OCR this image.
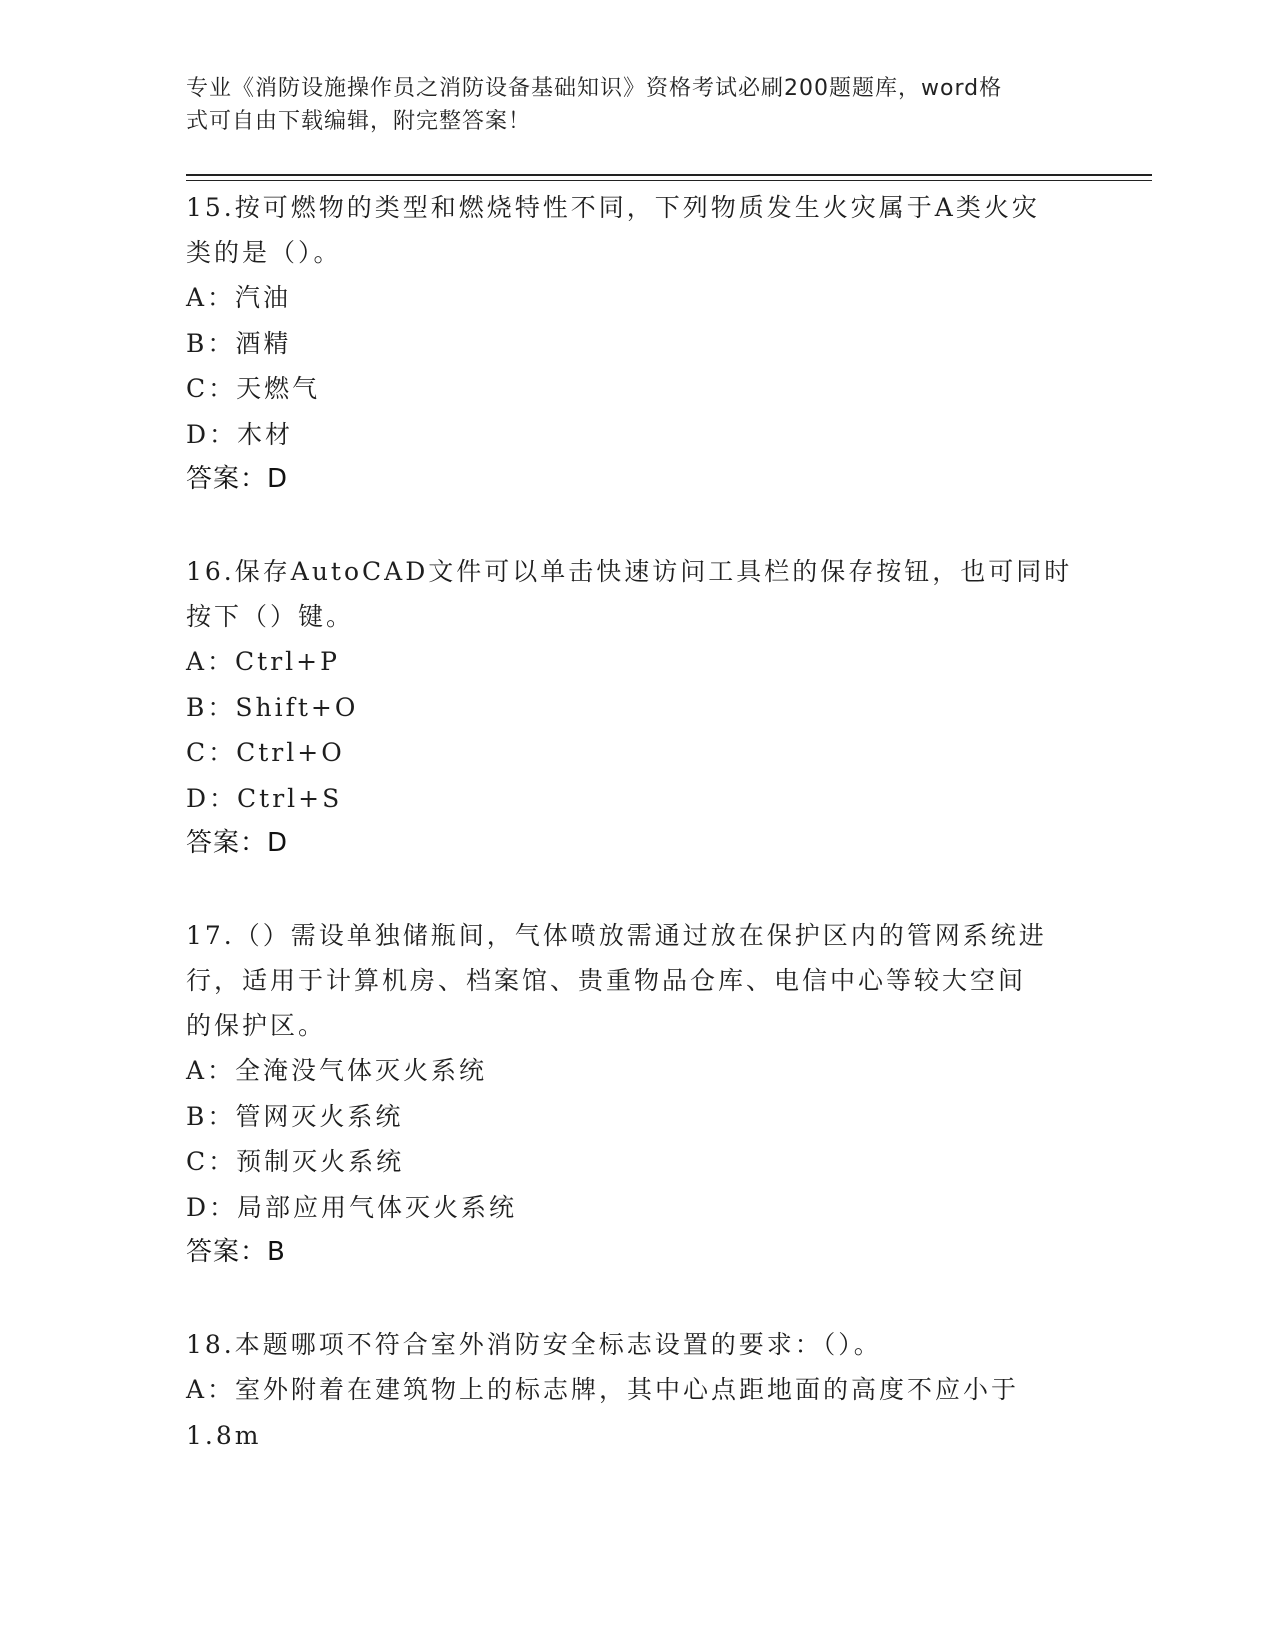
专业《消防设施操作员之消防设备基础知识》资格考试必刷200题题库，word格
式可自由下载编辑，附完整答案！

15.按可燃物的类型和燃烧特性不同，下列物质发生火灾属于A类火灾
类的是（）。
A：汽油
B：酒精
C：天燃气
D：木材
答案：D
16.保存AutoCAD文件可以单击快速访问工具栏的保存按钮，也可同时
按下（）键。
A：Ctrl+P
B：Shift+O
C：Ctrl+O
D：Ctrl+S
答案：D
17.（）需设单独储瓶间，气体喷放需通过放在保护区内的管网系统进
行，适用于计算机房、档案馆、贵重物品仓库、电信中心等较大空间
的保护区。
A：全淹没气体灭火系统
B：管网灭火系统
C：预制灭火系统
D：局部应用气体灭火系统
答案：B
18.本题哪项不符合室外消防安全标志设置的要求：（）。
A：室外附着在建筑物上的标志牌，其中心点距地面的高度不应小于
1.8m
